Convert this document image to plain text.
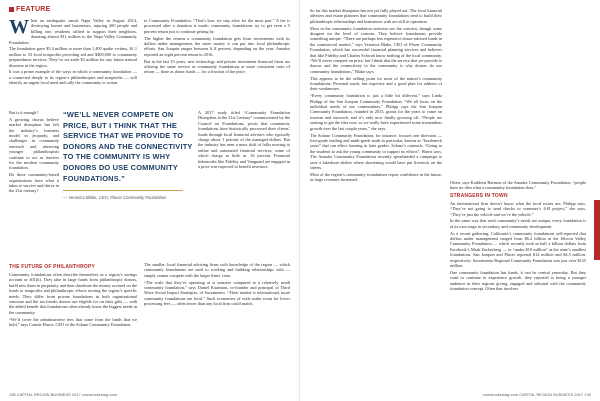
FEATURE

When an earthquake struck Napa Valley in August 2014, destroying homes and businesses, injuring 200 people and killing one, residents rallied to support their neighbors, donating almost $11 million to the Napa Valley Community Foundation.

The foundation gave $5.4 million to more than 1,400 quake victims, $1.1 million to 33 local nonprofits providing aid and $400,000 to community preparedness services. They’ve set aside $3 million for any future natural disasters in the region.

It was a prime example of the ways in which a community foundation — a connected deeply to its region’s philanthropies and nonprofits — will identify an urgent local need and rally the community to action.

But is it enough?

A growing chorus believe market disruption has left the industry’s business model in jeopardy, and challenges in community outreach and attracting younger philanthropists continue to act as barriers for the modern community foundation.

Do these community-based organizations have what it takes to survive and thrive in the 21st century?

“WE’LL NEVER COMPETE ON PRICE, BUT I THINK THAT THE SERVICE THAT WE PROVIDE TO DONORS AND THE CONNECTIVITY TO THE COMMUNITY IS WHY DONORS DO USE COMMUNITY FOUNDATIONS.”
— Veronica Blake, CEO, Placer Community Foundation
THE FUTURE OF PHILANTHROPY

Community foundations often describe themselves as a region’s savings account or 401(k). They take in large funds from philanthropic donors, build new them in perpetuity and then distribute the money accrued on the funds to nonprofits and philanthropic efforts serving the region’s specific needs. They differ from private foundations in both organizational structure and the tax breaks donors are eligible for on their gifts — with the added benefit that foundations often already know the biggest needs in the community.

“We’d cover the administrative fees that come from the funds that we hold,” says Connie Harris, CEO of the Solano Community Foundation.

to Community Foundation. “That’s how we stay alive for the most part.” A fee is processed after a donation is made; community foundations try to get even a 5 percent return just to continue getting by.

The higher the returns a community foundation gets from investments with its dollars under management, the more money it can put into local philanthropic efforts. San Joaquin ranges between 6–8 percent, depending on the year; Amador reported an eight percent return in 2016.

But in the last 15 years, new technology and private investment financial firms are offering the same service as community foundations at more consistent rates of return — done as donor funds — for a fraction of the price.

A 2017 study titled “Community Foundation Disruption in the 21st Century” commissioned by the Council on Foundations, posits that community foundations have historically processed their clients’ funds through local financial advisers who typically charge about 1 percent of the managed dollars. But the industry has seen a mass shift of folks moving to online and automated financial services, some of which charge as little as .16 percent. Financial behemoths like Fidelity and Vanguard are engaged in a price war expected to benefit investors.

The smaller, local financial advising firms with knowledge of the region — which community foundations are used to working and building relationships with — simply cannot compete with the larger firms’ rates.

“The scale that they’re operating at is massive compared to a relatively small community foundation,” says Daniel Kaufman, co-founder and principal of Third Wave Social Impact Strategies, of Sacramento. “Their market is international, more community foundations are local.” Such economies of scale make room for lower processing fees — often lower than any local firm could match.

138 CAPITAL REGION BUSINESS 2017 comstocksmag.com

So far this market disruption has not yet fully played out. The local financial advisers and estate planners that community foundations tend to build their philanthropic relationships and businesses with are still in operation.

Most in the community foundation universe see the concern, though some disagree on the level of concern. They believe foundations provide something unique. “There are perhaps less expensive donor-advised funds in the commercial market,” says Veronica Blake, CEO of Placer Community Foundation, which has successful financial planning services and believes that like Fidelity and Charles Schwab know nothing of the local community. “We’ll never compete on price, but I think that the service that we provide to donors and the connectivity to the community is why donors do use community foundations,” Blake says.

This appears to be the selling point for most of the nation’s community foundations: Personal touch, but expertise and a good plan for address of their weaknesses.

“Every community foundation is just a little bit different,” says Linda Philipp of the San Joaquin Community Foundation. “We all focus on the individual needs of our communities.” Philipp says the San Joaquin Community Foundation, founded in 2013, grants for the years to come on tourism and outreach, and it’s only now finally growing off. “People are starting to get the idea now, so we really have experienced some tremendous growth over the last couple years,” she says.

The Solano Community Foundation, for instance, focuses one direction — first-grade reading and ninth-grade math in particular, known as “bottleneck years” that can affect learning in later grades. Solano’s outreach, “Going to the students to ask the young community to support its efforts”, Harris says. The Amador Community Foundation recently spearheaded a campaign to save a lakeshore shelter where shortening would have put livestock on the streets.

Most of the region’s community foundations report confidence in the future, as large revenues increased.

Often, says Kathleen Harmon of the Amador Community Foundation, “people have no idea what a community foundation does.”

STRANGERS IN TOWN

An international firm doesn’t know what the local issues are, Philipp says. “They’re not going to send checks to someone’s 4-H project,” she says. “They’re just the vehicle and we’re the vehicle.”

In the same way that each community’s needs are unique, every foundation is at its own stage in secondary, and community development.

As a recent gathering, California’s community foundations self-reported that dollars under management ranged from $6.2 billion at the Silicon Valley Community Foundation — which recently took in half a billion dollars from Facebook’s Mark Zuckerberg — to “under $10 million” at the state’s smallest foundations. San Joaquin and Placer reported $12 million and $4.5 million, respectively. Sacramento Regional Community Foundation was just over $125 million.

One community foundation has funds, it can be central yesterday. But they want to continue to experience growth, they reported to being a younger audience in their regions giving, engaged and onboard with the community foundation concept. Often that involves

comstocksmag.com CAPITAL REGION BUSINESS 2017 139
